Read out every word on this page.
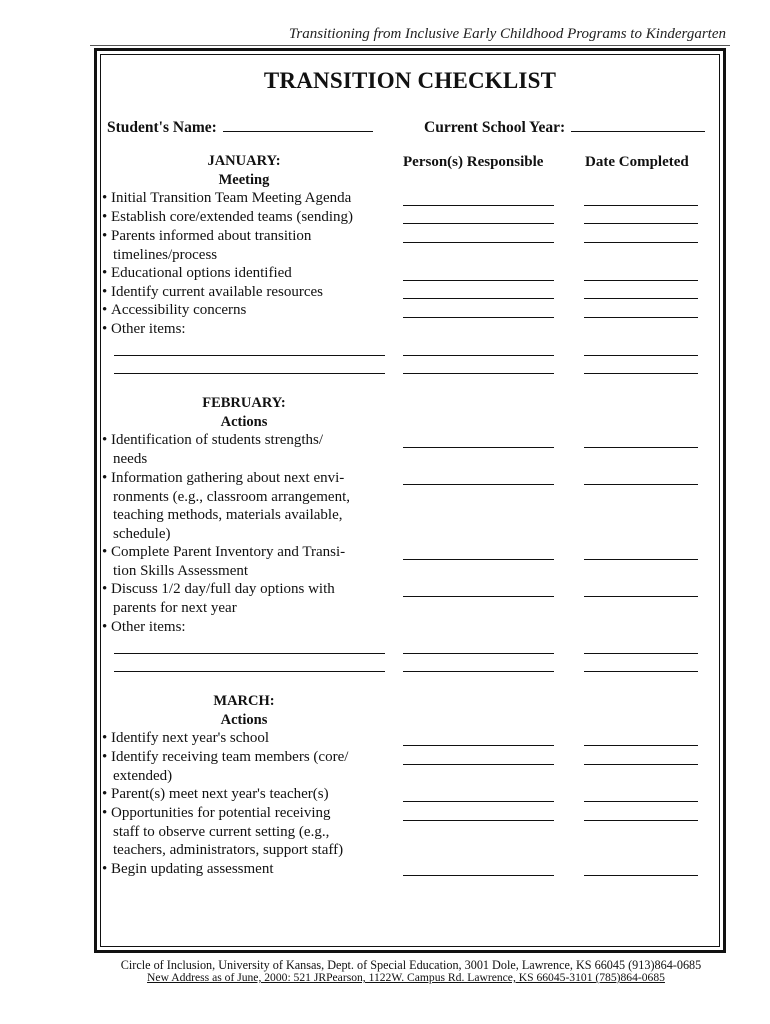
Transitioning from Inclusive Early Childhood Programs to Kindergarten
TRANSITION CHECKLIST
Student's Name:	Current School Year:
Person(s) Responsible	Date Completed
JANUARY:
Meeting
• Initial Transition Team Meeting Agenda
• Establish core/extended teams (sending)
• Parents informed about transition
timelines/process
• Educational options identified
• Identify current available resources
• Accessibility concerns
• Other items:
FEBRUARY:
Actions
• Identification of students strengths/
needs
• Information gathering about next envi-
ronments (e.g., classroom arrangement,
teaching methods, materials available,
schedule)
• Complete Parent Inventory and Transi-
tion Skills Assessment
• Discuss 1/2 day/full day options with
parents for next year
• Other items:
MARCH:
Actions
• Identify next year's school
• Identify receiving team members (core/
extended)
• Parent(s) meet next year's teacher(s)
• Opportunities for potential receiving
staff to observe current setting (e.g.,
teachers, administrators, support staff)
• Begin updating assessment
Circle of Inclusion, University of Kansas, Dept. of Special Education, 3001 Dole, Lawrence, KS 66045 (913)864-0685
New Address as of June, 2000: 521 JRPearson, 1122W. Campus Rd. Lawrence, KS 66045-3101 (785)864-0685
